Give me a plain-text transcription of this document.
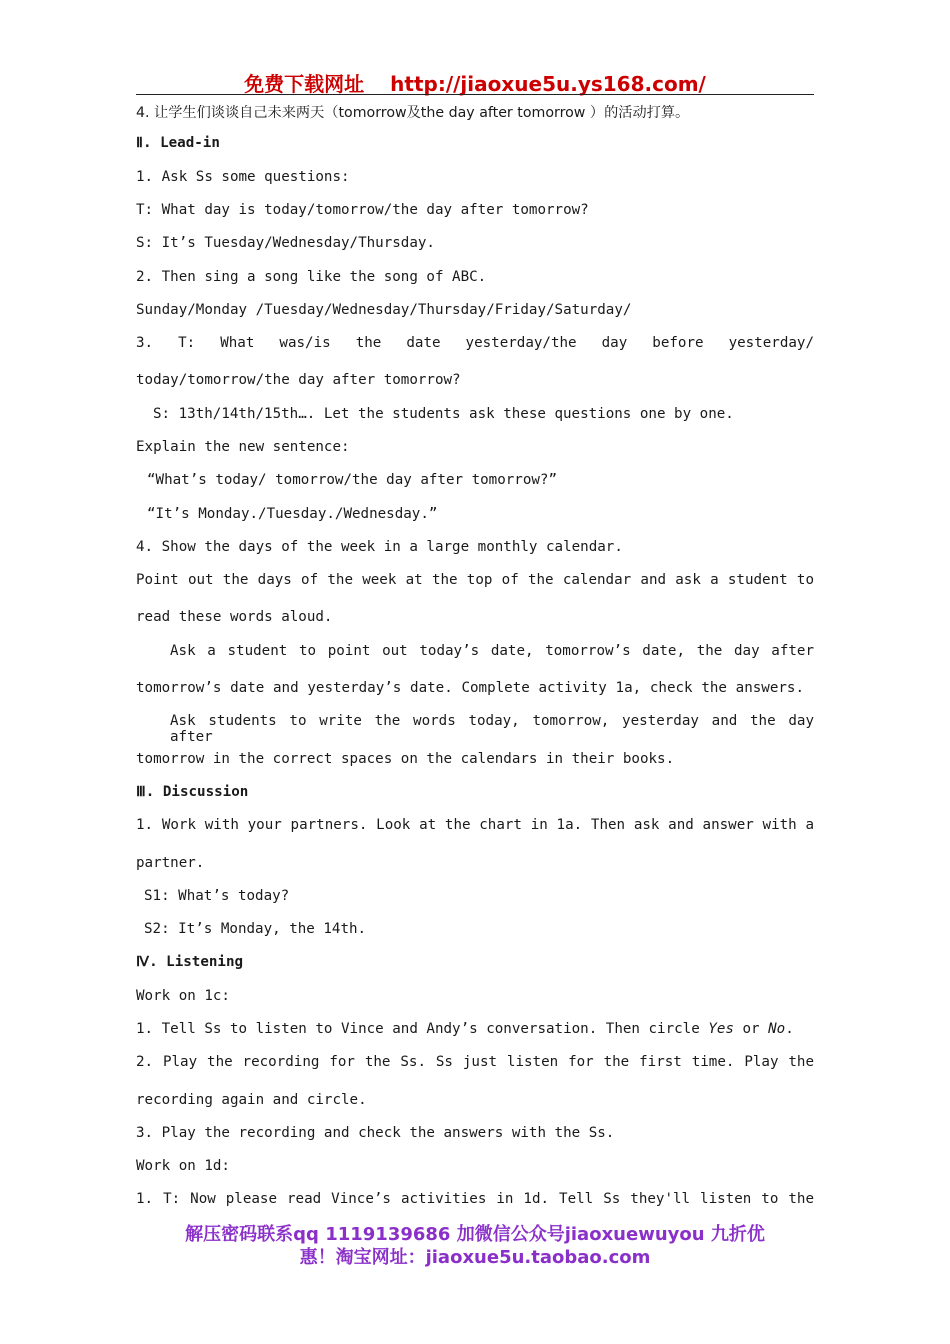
免费下载网址 http://jiaoxue5u.ys168.com/
4. 让学生们谈谈自己未来两天（tomorrow及the day after tomorrow ）的活动打算。
Ⅱ. Lead-in
1. Ask Ss some questions:
T: What day is today/tomorrow/the day after tomorrow?
S: It’s Tuesday/Wednesday/Thursday.
2. Then sing a song like the song of ABC.
Sunday/Monday /Tuesday/Wednesday/Thursday/Friday/Saturday/
3. T: What was/is the date yesterday/the day before yesterday/
today/tomorrow/the day after tomorrow?
S: 13th/14th/15th…. Let the students ask these questions one by one.
Explain the new sentence:
“What’s today/ tomorrow/the day after tomorrow?”
“It’s Monday./Tuesday./Wednesday.”
4. Show the days of the week in a large monthly calendar.
Point out the days of the week at the top of the calendar and ask a student to
read these words aloud.
Ask a student to point out today’s date, tomorrow’s date, the day after
tomorrow’s date and yesterday’s date. Complete activity 1a, check the answers.
Ask students to write the words today, tomorrow, yesterday and the day after
tomorrow in the correct spaces on the calendars in their books.
Ⅲ. Discussion
1. Work with your partners. Look at the chart in 1a. Then ask and answer with a
partner.
S1: What’s today?
S2: It’s Monday, the 14th.
Ⅳ. Listening
Work on 1c:
1. Tell Ss to listen to Vince and Andy’s conversation. Then circle Yes or No.
2. Play the recording for the Ss. Ss just listen for the first time. Play the
recording again and circle.
3. Play the recording and check the answers with the Ss.
Work on 1d:
1. T: Now please read Vince’s activities in 1d. Tell Ss they'll listen to the
解压密码联系qq 1119139686 加微信公众号jiaoxuewuyou 九折优
惠！淘宝网址：jiaoxue5u.taobao.com
